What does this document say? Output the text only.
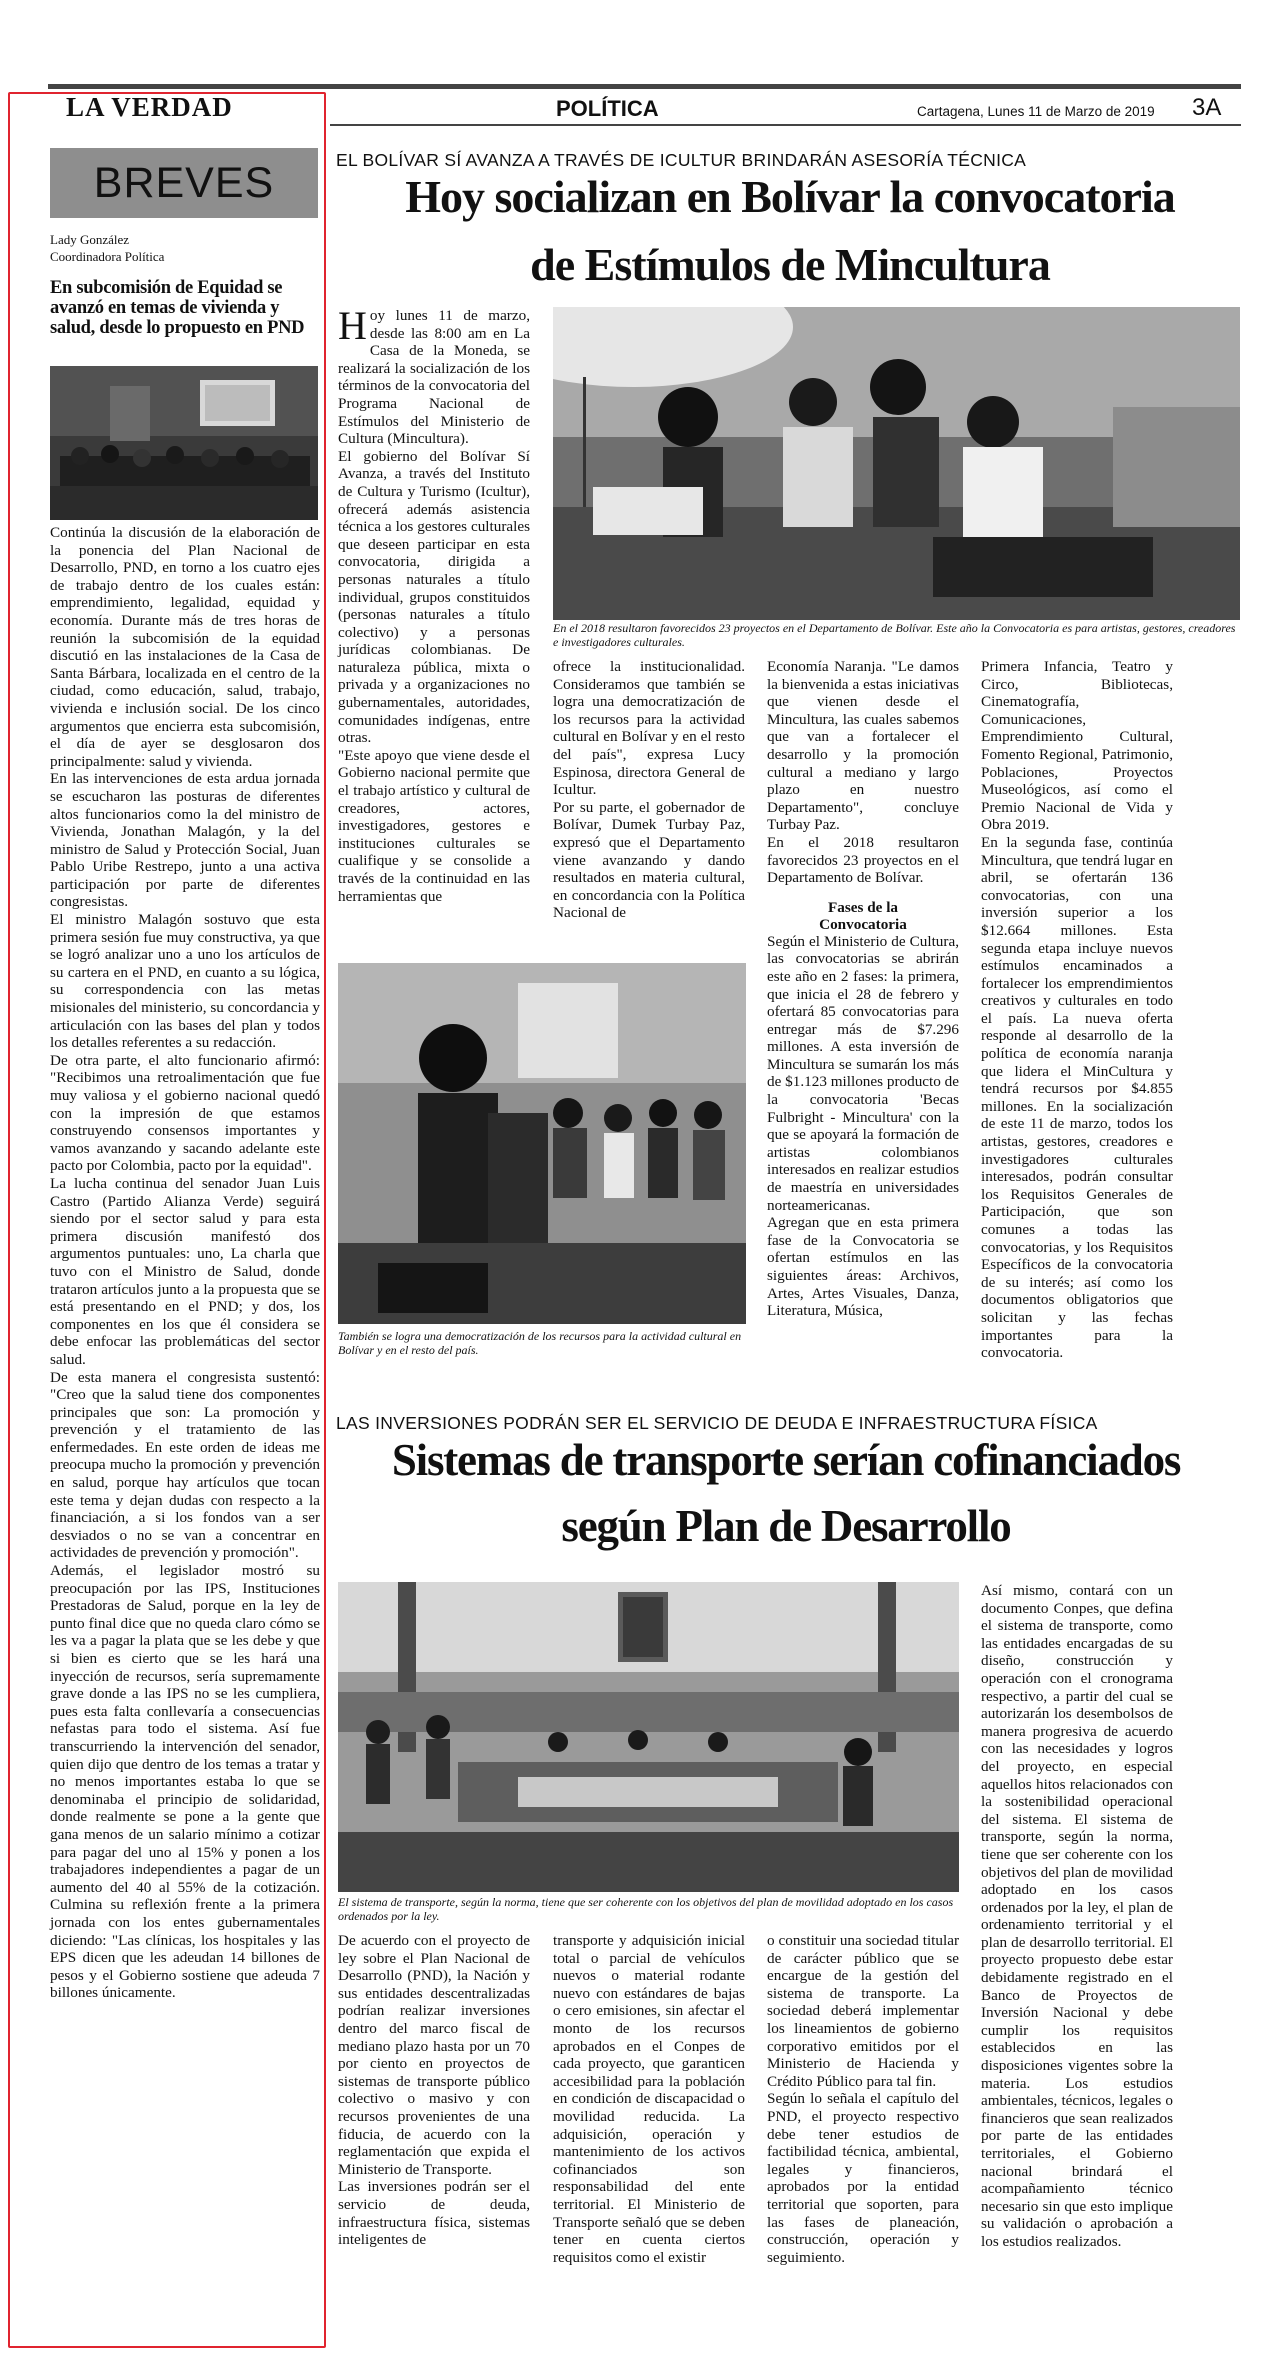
LA VERDAD	POLÍTICA	Cartagena, Lunes 11 de Marzo de 2019 3A
BREVES
Lady González
Coordinadora Política
En subcomisión de Equidad se avanzó en temas de vivienda y salud, desde lo propuesto en PND

Continúa la discusión de la elaboración de la ponencia del Plan Nacional de Desarrollo, PND, en torno a los cuatro ejes de trabajo dentro de los cuales están: emprendimiento, legalidad, equidad y economía. Durante más de tres horas de reunión la subcomisión de la equidad discutió en las instalaciones de la Casa de Santa Bárbara, localizada en el centro de la ciudad, como educación, salud, trabajo, vivienda e inclusión social. De los cinco argumentos que encierra esta subcomisión, el día de ayer se desglosaron dos principalmente: salud y vivienda.

En las intervenciones de esta ardua jornada se escucharon las posturas de diferentes altos funcionarios como la del ministro de Vivienda, Jonathan Malagón, y la del ministro de Salud y Protección Social, Juan Pablo Uribe Restrepo, junto a una activa participación por parte de diferentes congresistas.

El ministro Malagón sostuvo que esta primera sesión fue muy constructiva, ya que se logró analizar uno a uno los artículos de su cartera en el PND, en cuanto a su lógica, su correspondencia con las metas misionales del ministerio, su concordancia y articulación con las bases del plan y todos los detalles referentes a su redacción.

De otra parte, el alto funcionario afirmó: "Recibimos una retroalimentación que fue muy valiosa y el gobierno nacional quedó con la impresión de que estamos construyendo consensos importantes y vamos avanzando y sacando adelante este pacto por Colombia, pacto por la equidad".

La lucha continua del senador Juan Luis Castro (Partido Alianza Verde) seguirá siendo por el sector salud y para esta primera discusión manifestó dos argumentos puntuales: uno, La charla que tuvo con el Ministro de Salud, donde trataron artículos junto a la propuesta que se está presentando en el PND; y dos, los componentes en los que él considera se debe enfocar las problemáticas del sector salud.

De esta manera el congresista sustentó: "Creo que la salud tiene dos componentes principales que son: La promoción y prevención y el tratamiento de las enfermedades. En este orden de ideas me preocupa mucho la promoción y prevención en salud, porque hay artículos que tocan este tema y dejan dudas con respecto a la financiación, a si los fondos van a ser desviados o no se van a concentrar en actividades de prevención y promoción".

Además, el legislador mostró su preocupación por las IPS, Instituciones Prestadoras de Salud, porque en la ley de punto final dice que no queda claro cómo se les va a pagar la plata que se les debe y que si bien es cierto que se les hará una inyección de recursos, sería supremamente grave donde a las IPS no se les cumpliera, pues esta falta conllevaría a consecuencias nefastas para todo el sistema. Así fue transcurriendo la intervención del senador, quien dijo que dentro de los temas a tratar y no menos importantes estaba lo que se denominaba el principio de solidaridad, donde realmente se pone a la gente que gana menos de un salario mínimo a cotizar para pagar del uno al 15% y ponen a los trabajadores independientes a pagar de un aumento del 40 al 55% de la cotización. Culmina su reflexión frente a la primera jornada con los entes gubernamentales diciendo: "Las clínicas, los hospitales y las EPS dicen que les adeudan 14 billones de pesos y el Gobierno sostiene que adeuda 7 billones únicamente.

EL BOLÍVAR SÍ AVANZA A TRAVÉS DE ICULTUR BRINDARÁN ASESORÍA TÉCNICA
Hoy socializan en Bolívar la convocatoria
de Estímulos de Mincultura

Hoy lunes 11 de marzo, desde las 8:00 am en La Casa de la Moneda, se realizará la socialización de los términos de la convocatoria del Programa Nacional de Estímulos del Ministerio de Cultura (Mincultura).

El gobierno del Bolívar Sí Avanza, a través del Instituto de Cultura y Turismo (Icultur), ofrecerá además asistencia técnica a los gestores culturales que deseen participar en esta convocatoria, dirigida a personas naturales a título individual, grupos constituidos (personas naturales a título colectivo) y a personas jurídicas colombianas. De naturaleza pública, mixta o privada y a organizaciones no gubernamentales, autoridades, comunidades indígenas, entre otras.

"Este apoyo que viene desde el Gobierno nacional permite que el trabajo artístico y cultural de creadores, actores, investigadores, gestores e instituciones culturales se cualifique y se consolide a través de la continuidad en las herramientas que

En el 2018 resultaron favorecidos 23 proyectos en el Departamento de Bolívar. Este año la Convocatoria es para artistas, gestores, creadores e investigadores culturales.
ofrece la institucionalidad. Consideramos que también se logra una democratización de los recursos para la actividad cultural en Bolívar y en el resto del país", expresa Lucy Espinosa, directora General de Icultur.
Por su parte, el gobernador de Bolívar, Dumek Turbay Paz, expresó que el Departamento viene avanzando y dando resultados en materia cultural, en concordancia con la Política Nacional de

Economía Naranja. "Le damos la bienvenida a estas iniciativas que vienen desde el Mincultura, las cuales sabemos que van a fortalecer el desarrollo y la promoción cultural a mediano y largo plazo en nuestro Departamento", concluye Turbay Paz.
En el 2018 resultaron favorecidos 23 proyectos en el Departamento de Bolívar.

Fases de la Convocatoria

Según el Ministerio de Cultura, las convocatorias se abrirán este año en 2 fases: la primera, que inicia el 28 de febrero y ofertará 85 convocatorias para entregar más de $7.296 millones. A esta inversión de Mincultura se sumarán los más de $1.123 millones producto de la convocatoria 'Becas Fulbright - Mincultura' con la que se apoyará la formación de artistas colombianos interesados en realizar estudios de maestría en universidades norteamericanas.
Agregan que en esta primera fase de la Convocatoria se ofertan estímulos en las siguientes áreas: Archivos, Artes, Artes Visuales, Danza, Literatura, Música,

Primera Infancia, Teatro y Circo, Bibliotecas, Cinematografía, Comunicaciones, Emprendimiento Cultural, Fomento Regional, Patrimonio, Poblaciones, Proyectos Museológicos, así como el Premio Nacional de Vida y Obra 2019.
En la segunda fase, continúa Mincultura, que tendrá lugar en abril, se ofertarán 136 convocatorias, con una inversión superior a los $12.664 millones. Esta segunda etapa incluye nuevos estímulos encaminados a fortalecer los emprendimientos creativos y culturales en todo el país. La nueva oferta responde al desarrollo de la política de economía naranja que lidera el MinCultura y tendrá recursos por $4.855 millones. En la socialización de este 11 de marzo, todos los artistas, gestores, creadores e investigadores culturales interesados, podrán consultar los Requisitos Generales de Participación, que son comunes a todas las convocatorias, y los Requisitos Específicos de la convocatoria de su interés; así como los documentos obligatorios que solicitan y las fechas importantes para la convocatoria.
También se logra una democratización de los recursos para la actividad cultural en Bolívar y en el resto del país.
LAS INVERSIONES PODRÁN SER EL SERVICIO DE DEUDA E INFRAESTRUCTURA FÍSICA
Sistemas de transporte serían cofinanciados
según Plan de Desarrollo
El sistema de transporte, según la norma, tiene que ser coherente con los objetivos del plan de movilidad adoptado en los casos ordenados por la ley.
De acuerdo con el proyecto de ley sobre el Plan Nacional de Desarrollo (PND), la Nación y sus entidades descentralizadas podrían realizar inversiones dentro del marco fiscal de mediano plazo hasta por un 70 por ciento en proyectos de sistemas de transporte público colectivo o masivo y con recursos provenientes de una fiducia, de acuerdo con la reglamentación que expida el Ministerio de Transporte.
Las inversiones podrán ser el servicio de deuda, infraestructura física, sistemas inteligentes de
transporte y adquisición inicial total o parcial de vehículos nuevos o material rodante nuevo con estándares de bajas o cero emisiones, sin afectar el monto de los recursos aprobados en el Conpes de cada proyecto, que garanticen accesibilidad para la población en condición de discapacidad o movilidad reducida. La adquisición, operación y mantenimiento de los activos cofinanciados son responsabilidad del ente territorial. El Ministerio de Transporte señaló que se deben tener en cuenta ciertos requisitos como el existir
o constituir una sociedad titular de carácter público que se encargue de la gestión del sistema de transporte. La sociedad deberá implementar los lineamientos de gobierno corporativo emitidos por el Ministerio de Hacienda y Crédito Público para tal fin.
Según lo señala el capítulo del PND, el proyecto respectivo debe tener estudios de factibilidad técnica, ambiental, legales y financieros, aprobados por la entidad territorial que soporten, para las fases de planeación, construcción, operación y seguimiento.
Así mismo, contará con un documento Conpes, que defina el sistema de transporte, como las entidades encargadas de su diseño, construcción y operación con el cronograma respectivo, a partir del cual se autorizarán los desembolsos de manera progresiva de acuerdo con las necesidades y logros del proyecto, en especial aquellos hitos relacionados con la sostenibilidad operacional del sistema. El sistema de transporte, según la norma, tiene que ser coherente con los objetivos del plan de movilidad adoptado en los casos ordenados por la ley, el plan de ordenamiento territorial y el plan de desarrollo territorial. El proyecto propuesto debe estar debidamente registrado en el Banco de Proyectos de Inversión Nacional y debe cumplir los requisitos establecidos en las disposiciones vigentes sobre la materia. Los estudios ambientales, técnicos, legales o financieros que sean realizados por parte de las entidades territoriales, el Gobierno nacional brindará el acompañamiento técnico necesario sin que esto implique su validación o aprobación a los estudios realizados.
